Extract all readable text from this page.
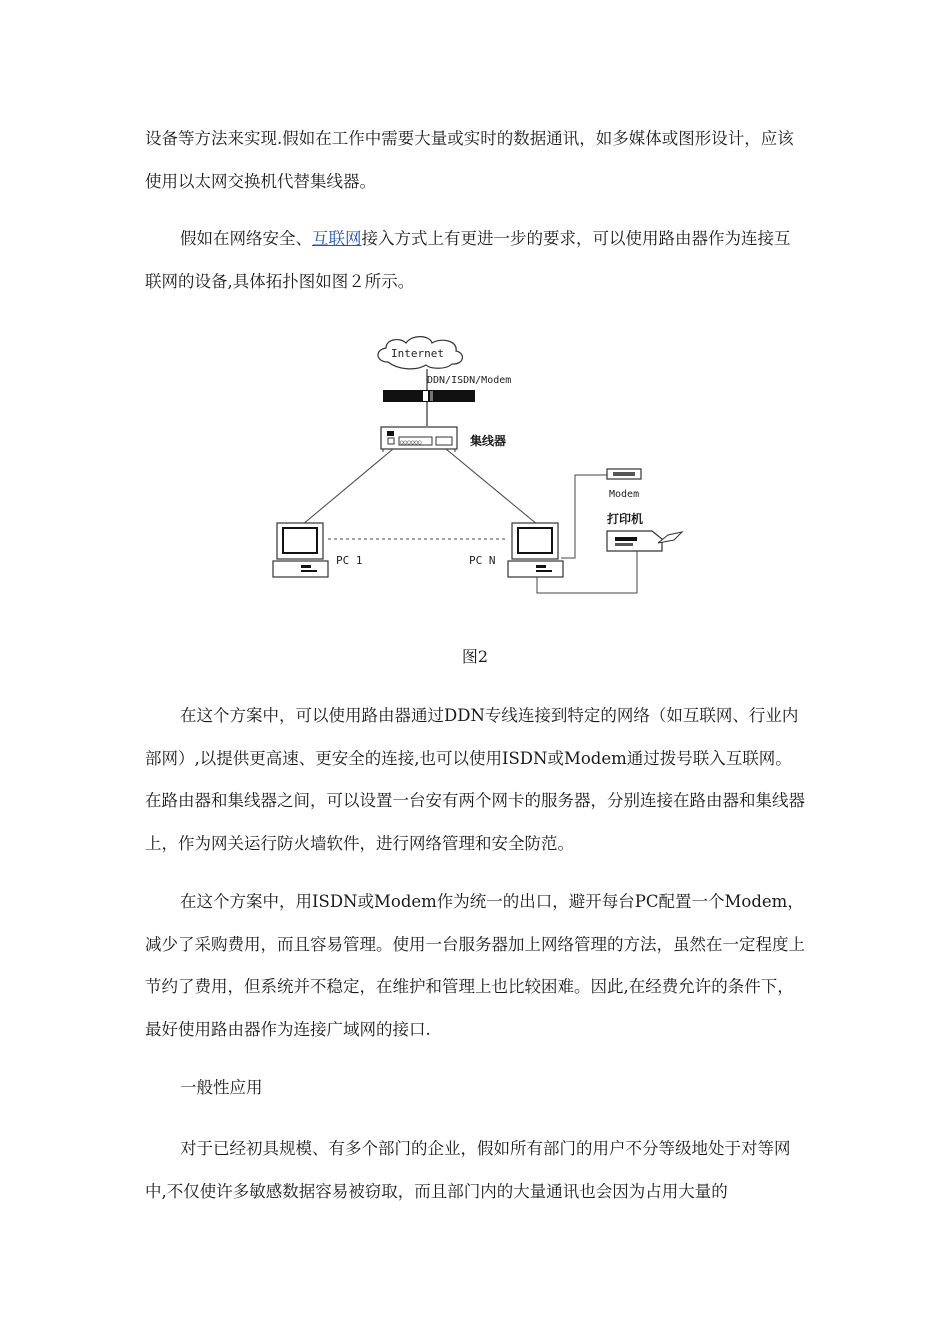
设备等方法来实现.假如在工作中需要大量或实时的数据通讯，如多媒体或图形设计，应该使用以太网交换机代替集线器。

假如在网络安全、互联网接入方式上有更进一步的要求，可以使用路由器作为连接互联网的设备,具体拓扑图如图２所示。

Internet
DDN/ISDN/Modem
○○○○○○	集线器
PC 1	PC N
Modem
打印机
图2

在这个方案中，可以使用路由器通过DDN专线连接到特定的网络（如互联网、行业内部网）,以提供更高速、更安全的连接,也可以使用ISDN或Modem通过拨号联入互联网。在路由器和集线器之间，可以设置一台安有两个网卡的服务器，分别连接在路由器和集线器上，作为网关运行防火墙软件，进行网络管理和安全防范。

在这个方案中，用ISDN或Modem作为统一的出口，避开每台PC配置一个Modem，减少了采购费用，而且容易管理。使用一台服务器加上网络管理的方法，虽然在一定程度上节约了费用，但系统并不稳定，在维护和管理上也比较困难。因此,在经费允许的条件下，最好使用路由器作为连接广域网的接口.

一般性应用

对于已经初具规模、有多个部门的企业，假如所有部门的用户不分等级地处于对等网中,不仅使许多敏感数据容易被窃取，而且部门内的大量通讯也会因为占用大量的
